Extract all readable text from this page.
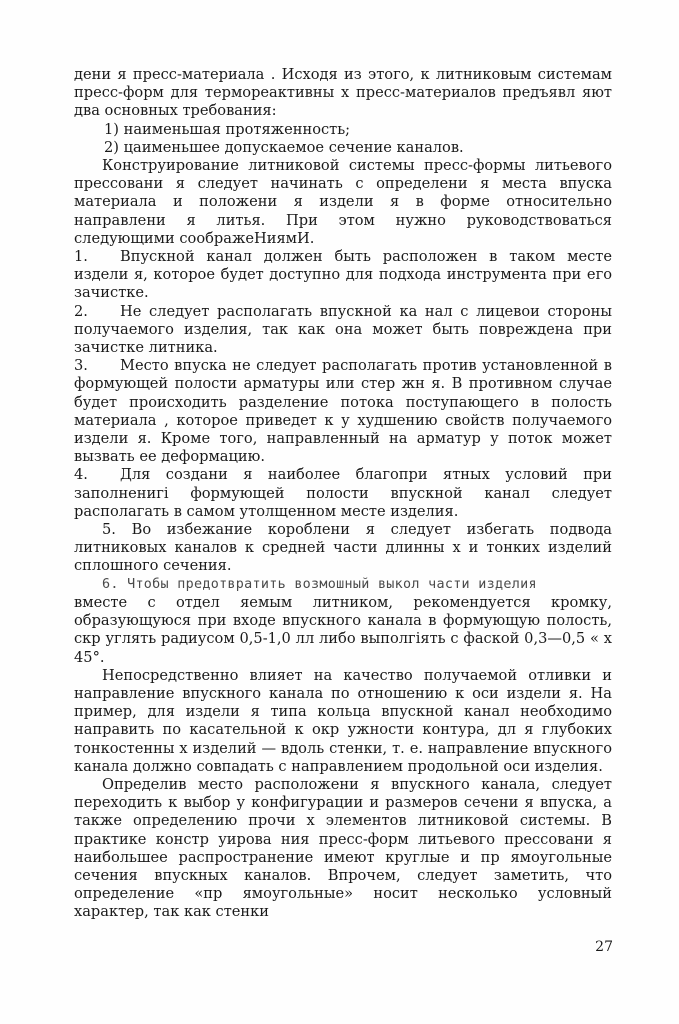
дени я пресс-материала . Исходя из этого, к литниковым системам пресс-форм для термореактивны х пресс-материалов предъявл яют два основных требования:

1) наименьшая протяженность;

2) цаименьшее допускаемое сечение каналов.

Конструирование литниковой системы пресс-формы литьевого прессовани я следует начинать с определени я места впуска материала и положени я издели я в форме относительно направлени я литья. При этом нужно руководствоваться следующими соображеНиямИ.

1. Впускной канал должен быть расположен в таком месте издели я, которое будет доступно для подхода инструмента при его зачистке.

2. Не следует располагать впускной ка нал с лицевои стороны получаемого изделия, так как она может быть повреждена при зачистке литника.

3. Место впуска не следует располагать против установленной в формующей полости арматуры или стер жн я. В противном случае будет происходить разделение потока поступающего в полость материала , которое приведет к у худшению свойств получаемого издели я. Кроме того, направленный на арматур у поток может вызвать ее деформацию.

4. Для создани я наиболее благопри ятных условий при заполненигі формующей полости впускной канал следует располагать в самом утолщенном месте изделия.

5. Во избежание короблени я следует избегать подвода литниковых каналов к средней части длинны х и тонких изделий сплошного сечения.

6. Чтобы предотвратить возмошный выкол части изделия

вместе с отдел яемым литником, рекомендуется кромку, образующуюся при входе впускного канала в формующую полость, скр углять радиусом 0,5-1,0 лл либо выполгіять с фаской 0,3—0,5 « х 45°.

Непосредственно влияет на качество получаемой отливки и направление впускного канала по отношению к оси издели я. На пример, для издели я типа кольца впускной канал необходимо направить по касательной к окр ужности контура, дл я глубоких тонкостенны х изделий — вдоль стенки, т. е. направление впускного канала должно совпадать с направлением продольной оси изделия.

Определив место расположени я впускного канала, следует переходить к выбор у конфигурации и размеров сечени я впуска, а также определению прочи х элементов литниковой системы. В практике констр уирова ния пресс-форм литьевого прессовани я наибольшее распространение имеют круглые и пр ямоугольные сечения впускных каналов. Впрочем, следует заметить, что определение «пр ямоугольные» носит несколько условный характер, так как стенки

27
